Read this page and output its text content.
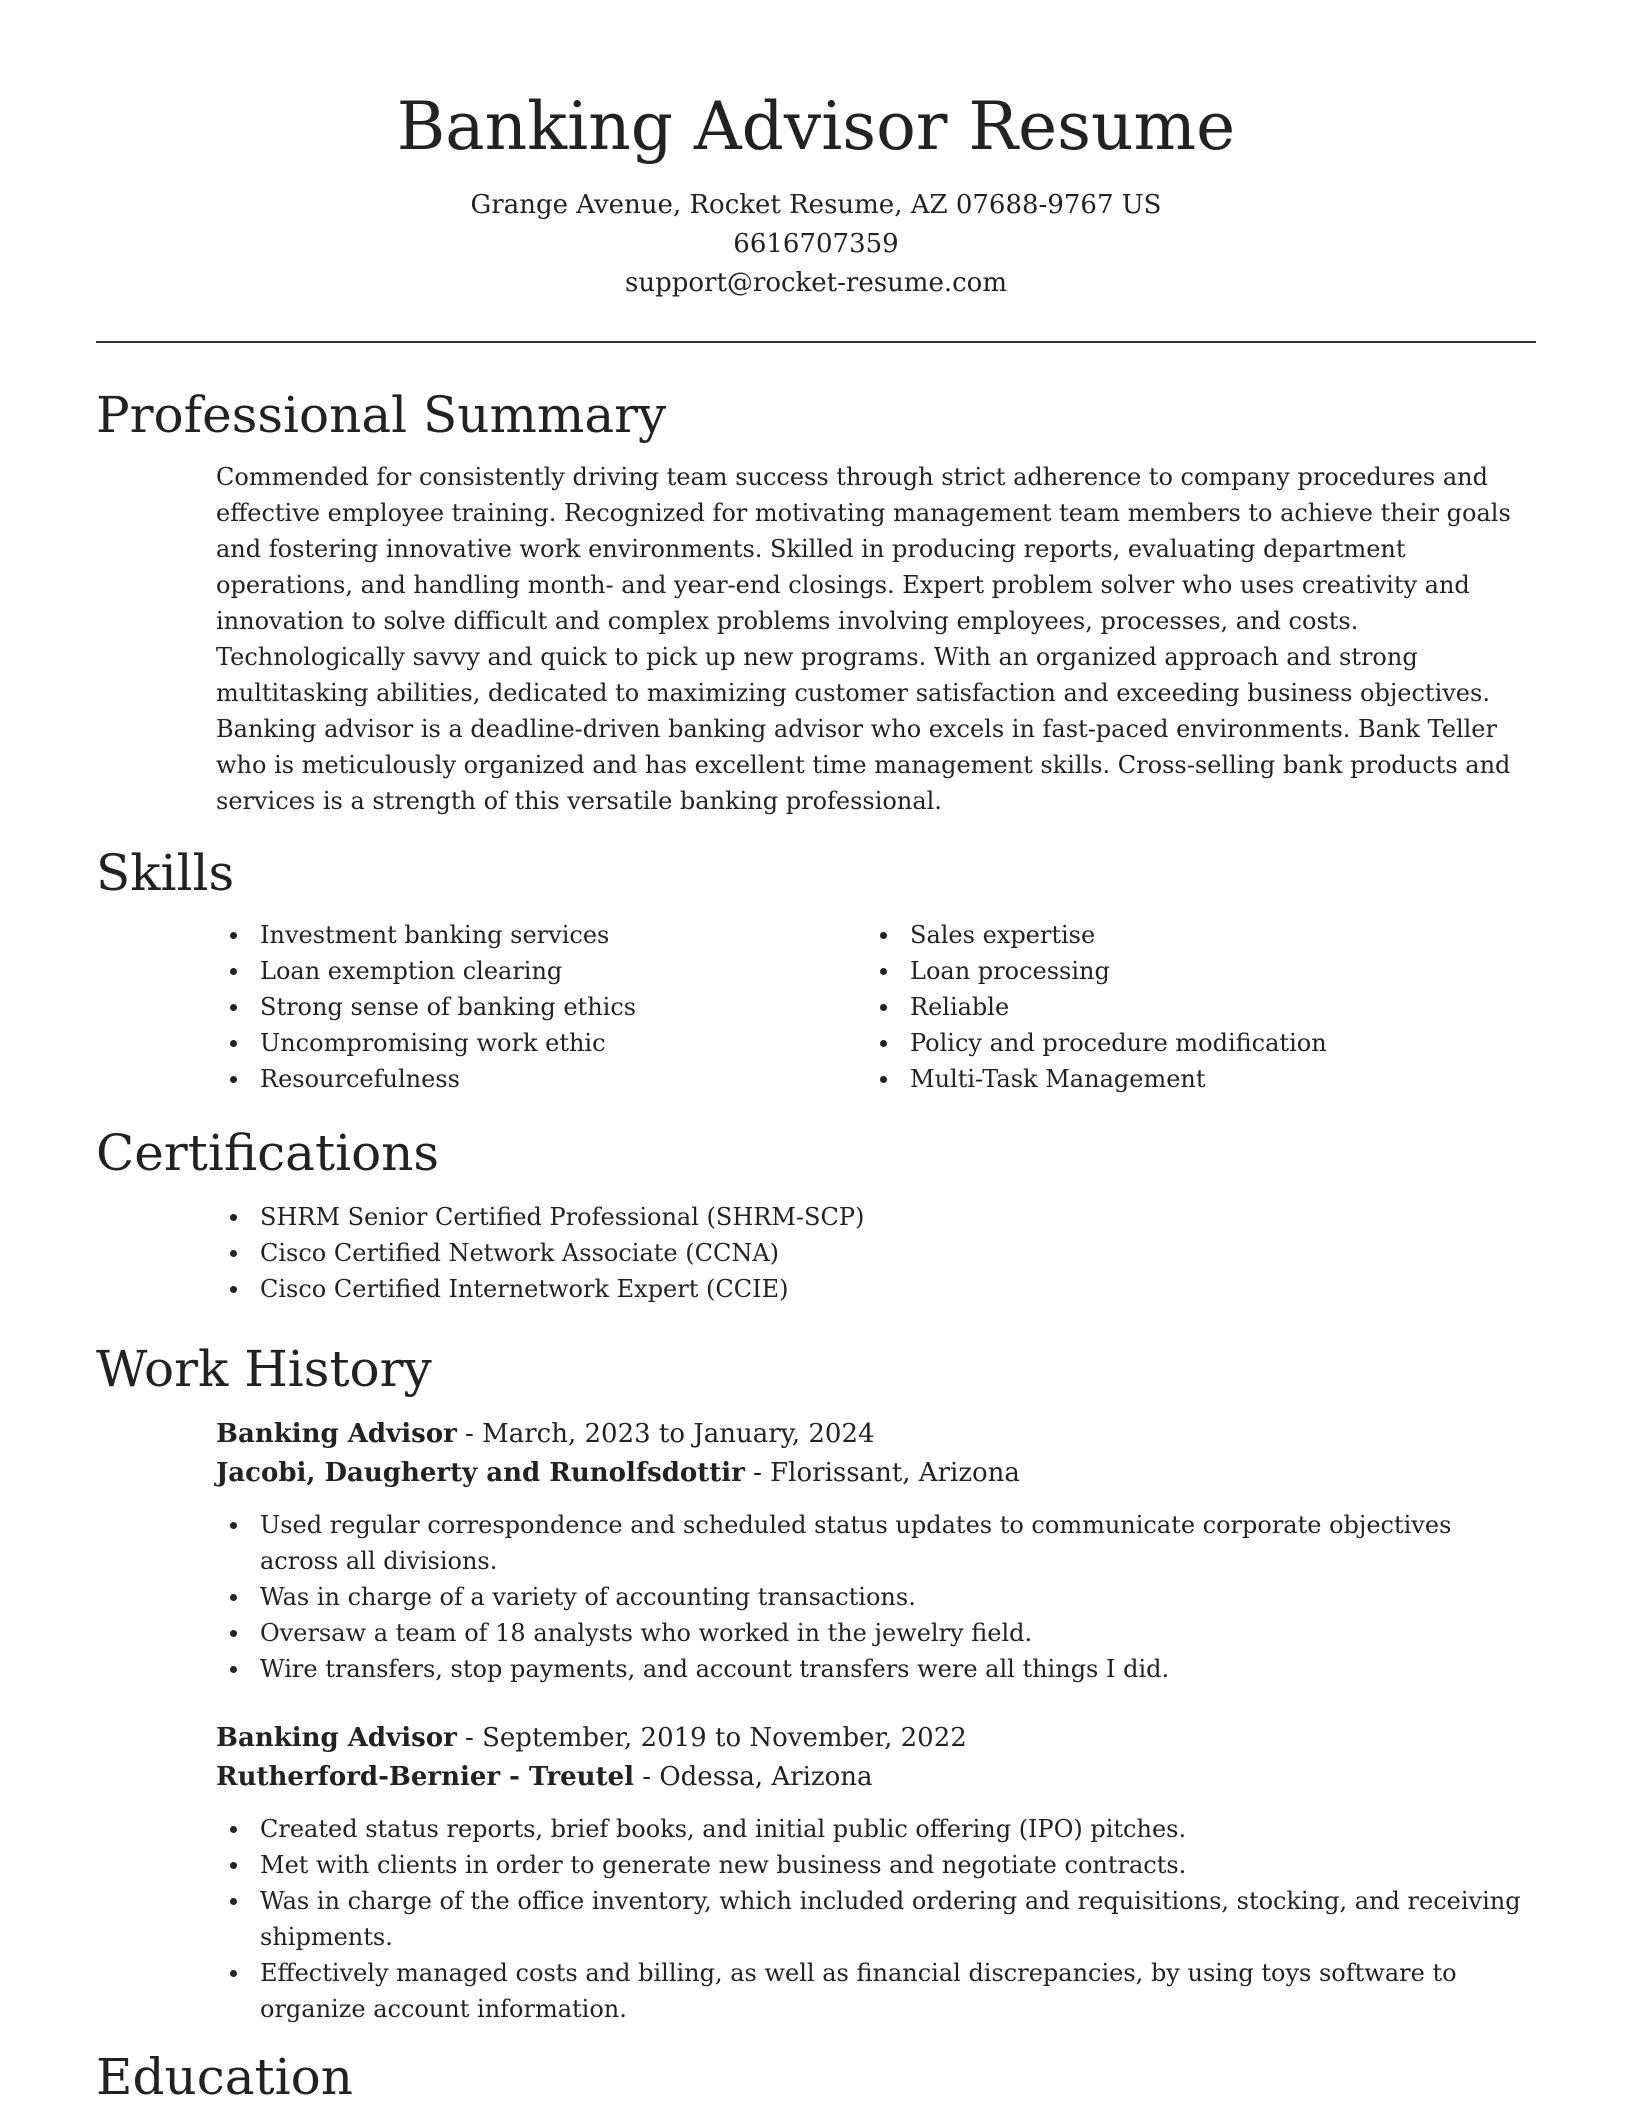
Banking Advisor Resume
Grange Avenue, Rocket Resume, AZ 07688-9767 US
6616707359
support@rocket-resume.com
Professional Summary

Commended for consistently driving team success through strict adherence to company procedures and effective employee training. Recognized for motivating management team members to achieve their goals and fostering innovative work environments. Skilled in producing reports, evaluating department operations, and handling month- and year-end closings. Expert problem solver who uses creativity and innovation to solve difficult and complex problems involving employees, processes, and costs. Technologically savvy and quick to pick up new programs. With an organized approach and strong multitasking abilities, dedicated to maximizing customer satisfaction and exceeding business objectives. Banking advisor is a deadline-driven banking advisor who excels in fast-paced environments. Bank Teller who is meticulously organized and has excellent time management skills. Cross-selling bank products and services is a strength of this versatile banking professional.

Skills
Investment banking services
Loan exemption clearing
Strong sense of banking ethics
Uncompromising work ethic
Resourcefulness
Sales expertise
Loan processing
Reliable
Policy and procedure modification
Multi-Task Management
Certifications
SHRM Senior Certified Professional (SHRM-SCP)
Cisco Certified Network Associate (CCNA)
Cisco Certified Internetwork Expert (CCIE)
Work History
Banking Advisor - March, 2023 to January, 2024
Jacobi, Daugherty and Runolfsdottir - Florissant, Arizona
Used regular correspondence and scheduled status updates to communicate corporate objectives across all divisions.
Was in charge of a variety of accounting transactions.
Oversaw a team of 18 analysts who worked in the jewelry field.
Wire transfers, stop payments, and account transfers were all things I did.
Banking Advisor - September, 2019 to November, 2022
Rutherford-Bernier - Treutel - Odessa, Arizona
Created status reports, brief books, and initial public offering (IPO) pitches.
Met with clients in order to generate new business and negotiate contracts.
Was in charge of the office inventory, which included ordering and requisitions, stocking, and receiving shipments.
Effectively managed costs and billing, as well as financial discrepancies, by using toys software to organize account information.
Education
